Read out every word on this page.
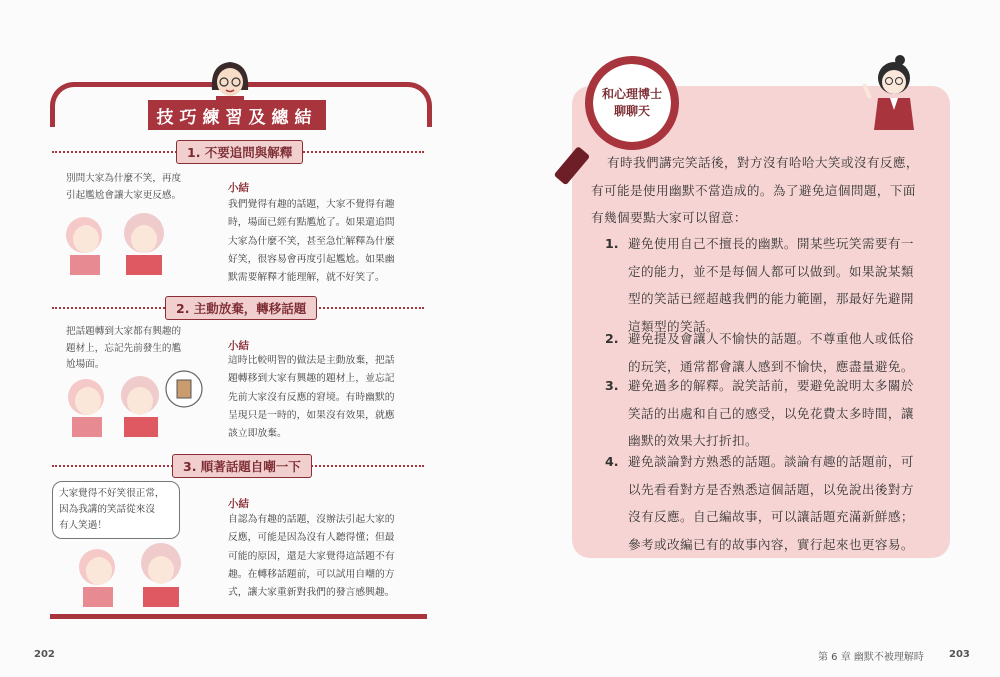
技巧練習及總結
1. 不要追問與解釋
別問大家為什麼不笑，再度
引起尷尬會讓大家更反感。
小結
我們覺得有趣的話題，大家不覺得有趣
時，場面已經有點尷尬了。如果還追問
大家為什麼不笑，甚至急忙解釋為什麼
好笑，很容易會再度引起尷尬。如果幽
默需要解釋才能理解，就不好笑了。
2. 主動放棄，轉移話題
把話題轉到大家都有興趣的
題材上，忘記先前發生的尷
尬場面。
小結
這時比較明智的做法是主動放棄，把話
題轉移到大家有興趣的題材上，並忘記
先前大家沒有反應的窘境。有時幽默的
呈現只是一時的，如果沒有效果，就應
該立即放棄。
3. 順著話題自嘲一下
大家覺得不好笑很正常，
因為我講的笑話從來沒
有人笑過！
小結
自認為有趣的話題，沒辦法引起大家的
反應，可能是因為沒有人聽得懂；但最
可能的原因，還是大家覺得這話題不有
趣。在轉移話題前，可以試用自嘲的方
式，讓大家重新對我們的發言感興趣。
202
和心理博士
聊聊天
有時我們講完笑話後，對方沒有哈哈大笑或沒有反應，
有可能是使用幽默不當造成的。為了避免這個問題，下面
有幾個要點大家可以留意：
1. 避免使用自己不擅長的幽默。開某些玩笑需要有一
定的能力，並不是每個人都可以做到。如果說某類
型的笑話已經超越我們的能力範圍，那最好先避開
這類型的笑話。
2. 避免提及會讓人不愉快的話題。不尊重他人或低俗
的玩笑，通常都會讓人感到不愉快，應盡量避免。
3. 避免過多的解釋。說笑話前，要避免說明太多關於
笑話的出處和自己的感受，以免花費太多時間，讓
幽默的效果大打折扣。
4. 避免談論對方熟悉的話題。談論有趣的話題前，可
以先看看對方是否熟悉這個話題，以免說出後對方
沒有反應。自己編故事，可以讓話題充滿新鮮感；
參考或改編已有的故事內容，實行起來也更容易。
第 6 章 幽默不被理解時	203
